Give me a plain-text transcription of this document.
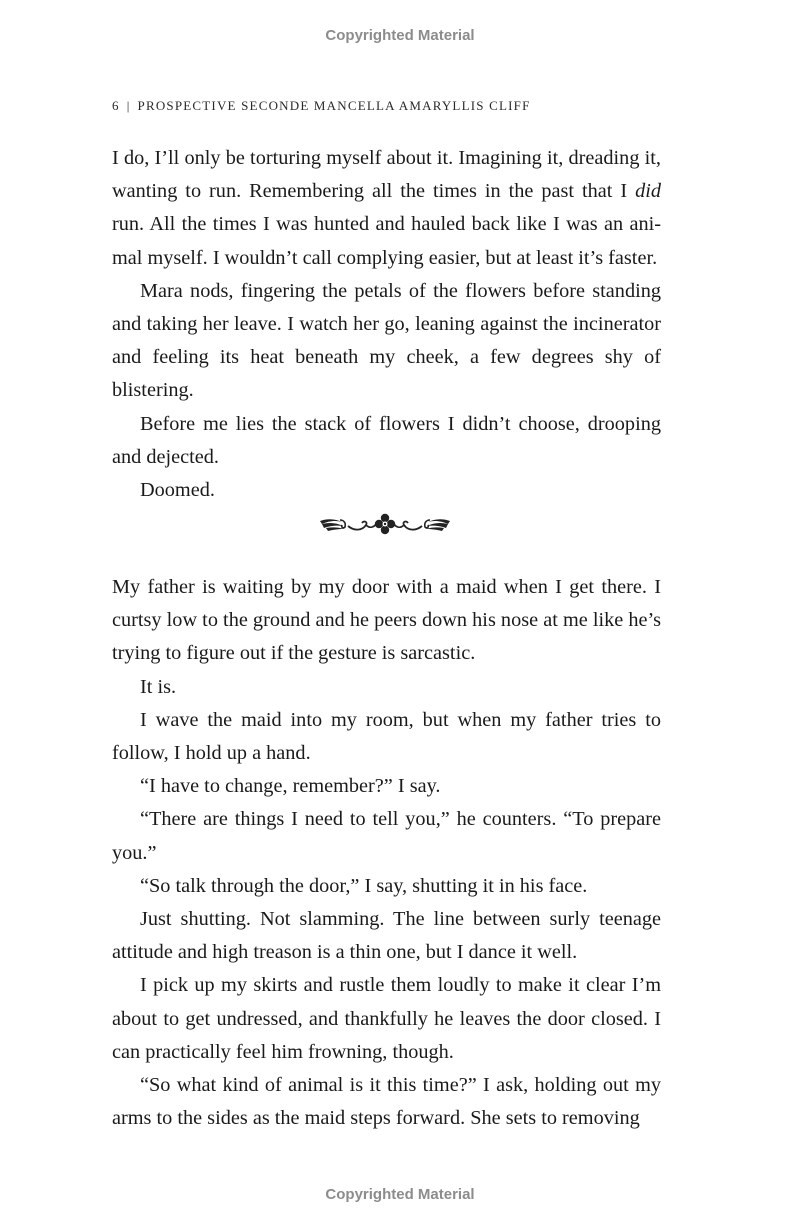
Copyrighted Material
6 | PROSPECTIVE SECONDE MANCELLA AMARYLLIS CLIFF

I do, I’ll only be torturing myself about it. Imagining it, dreading it, wanting to run. Remembering all the times in the past that I did run. All the times I was hunted and hauled back like I was an animal myself. I wouldn’t call complying easier, but at least it’s faster.

Mara nods, fingering the petals of the flowers before standing and taking her leave. I watch her go, leaning against the incinerator and feeling its heat beneath my cheek, a few degrees shy of blistering.

Before me lies the stack of flowers I didn’t choose, drooping and dejected.

Doomed.

My father is waiting by my door with a maid when I get there. I curtsy low to the ground and he peers down his nose at me like he’s trying to figure out if the gesture is sarcastic.

It is.

I wave the maid into my room, but when my father tries to follow, I hold up a hand.

“I have to change, remember?” I say.

“There are things I need to tell you,” he counters. “To prepare you.”

“So talk through the door,” I say, shutting it in his face.

Just shutting. Not slamming. The line between surly teenage attitude and high treason is a thin one, but I dance it well.

I pick up my skirts and rustle them loudly to make it clear I’m about to get undressed, and thankfully he leaves the door closed. I can practically feel him frowning, though.

“So what kind of animal is it this time?” I ask, holding out my arms to the sides as the maid steps forward. She sets to removing

Copyrighted Material
